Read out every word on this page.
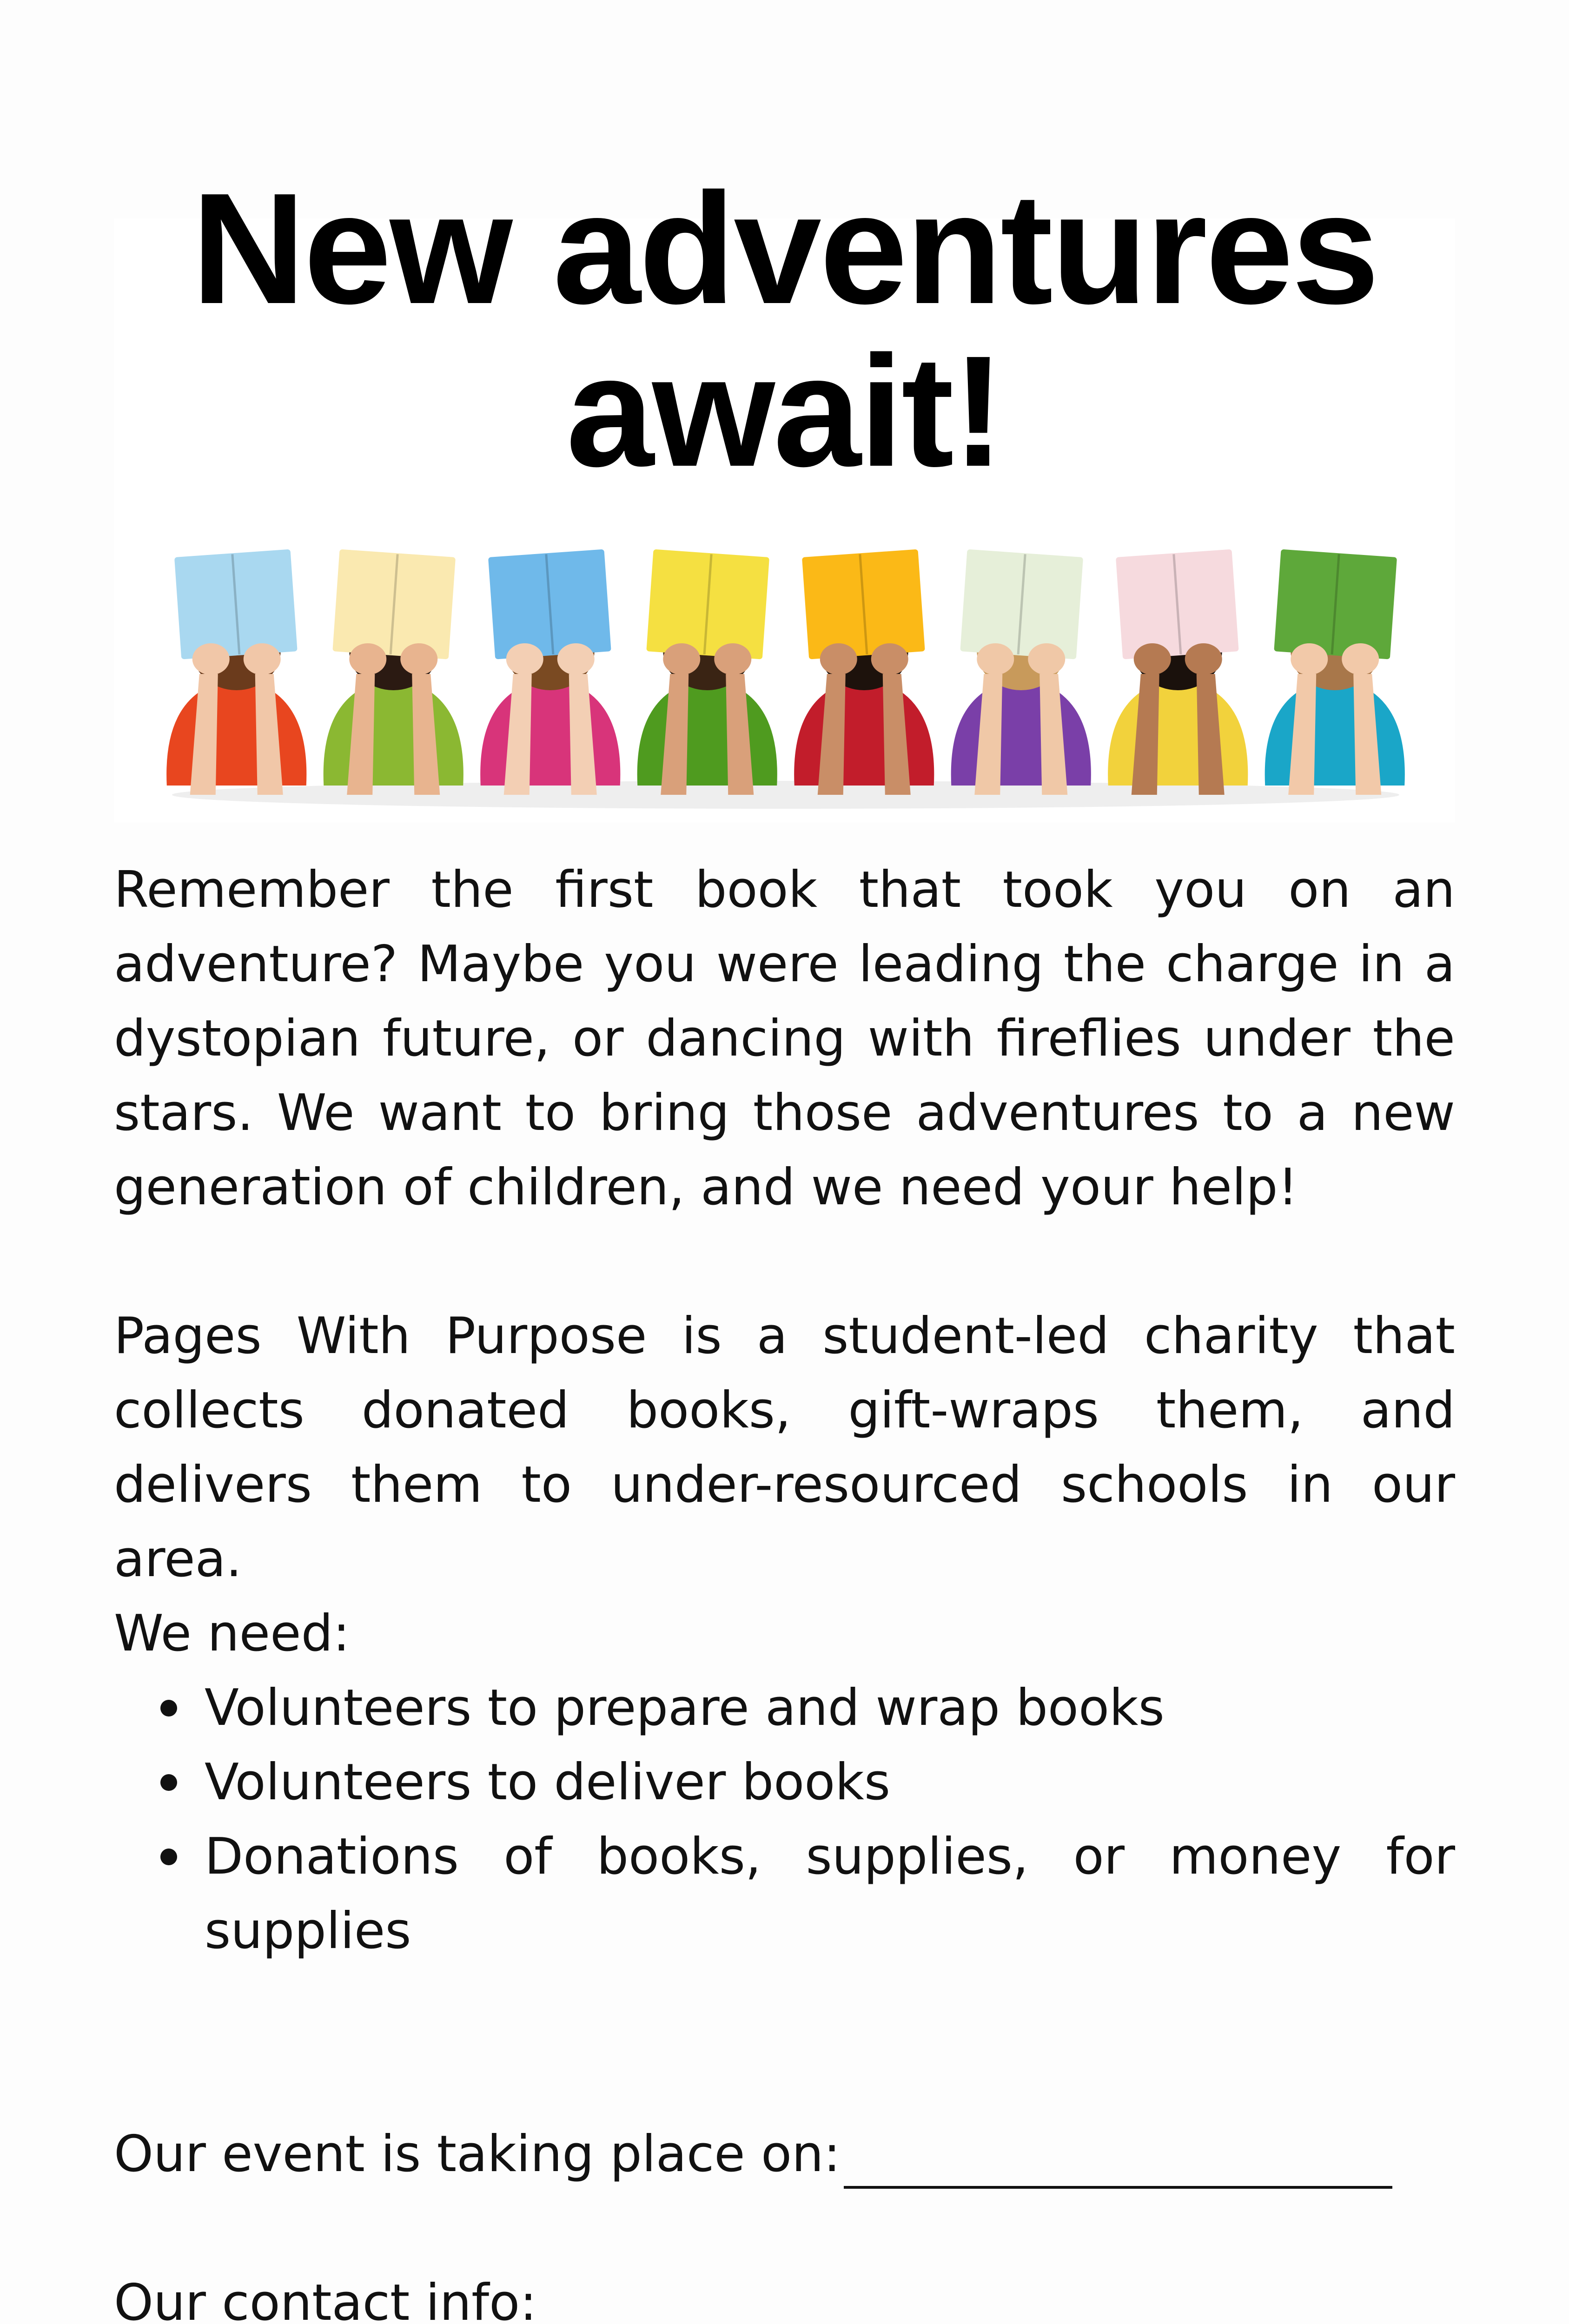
New adventures await!

Remember the first book that took you on an adventure? Maybe you were leading the charge in a dystopian future, or dancing with fireflies under the stars. We want to bring those adventures to a new generation of children, and we need your help!

Pages With Purpose is a student-led charity that collects donated books, gift-wraps them, and delivers them to under-resourced schools in our area.

We need:

Volunteers to prepare and wrap books
Volunteers to deliver books
Donations of books, supplies, or money for supplies

Our event is taking place on:

Our contact info:
